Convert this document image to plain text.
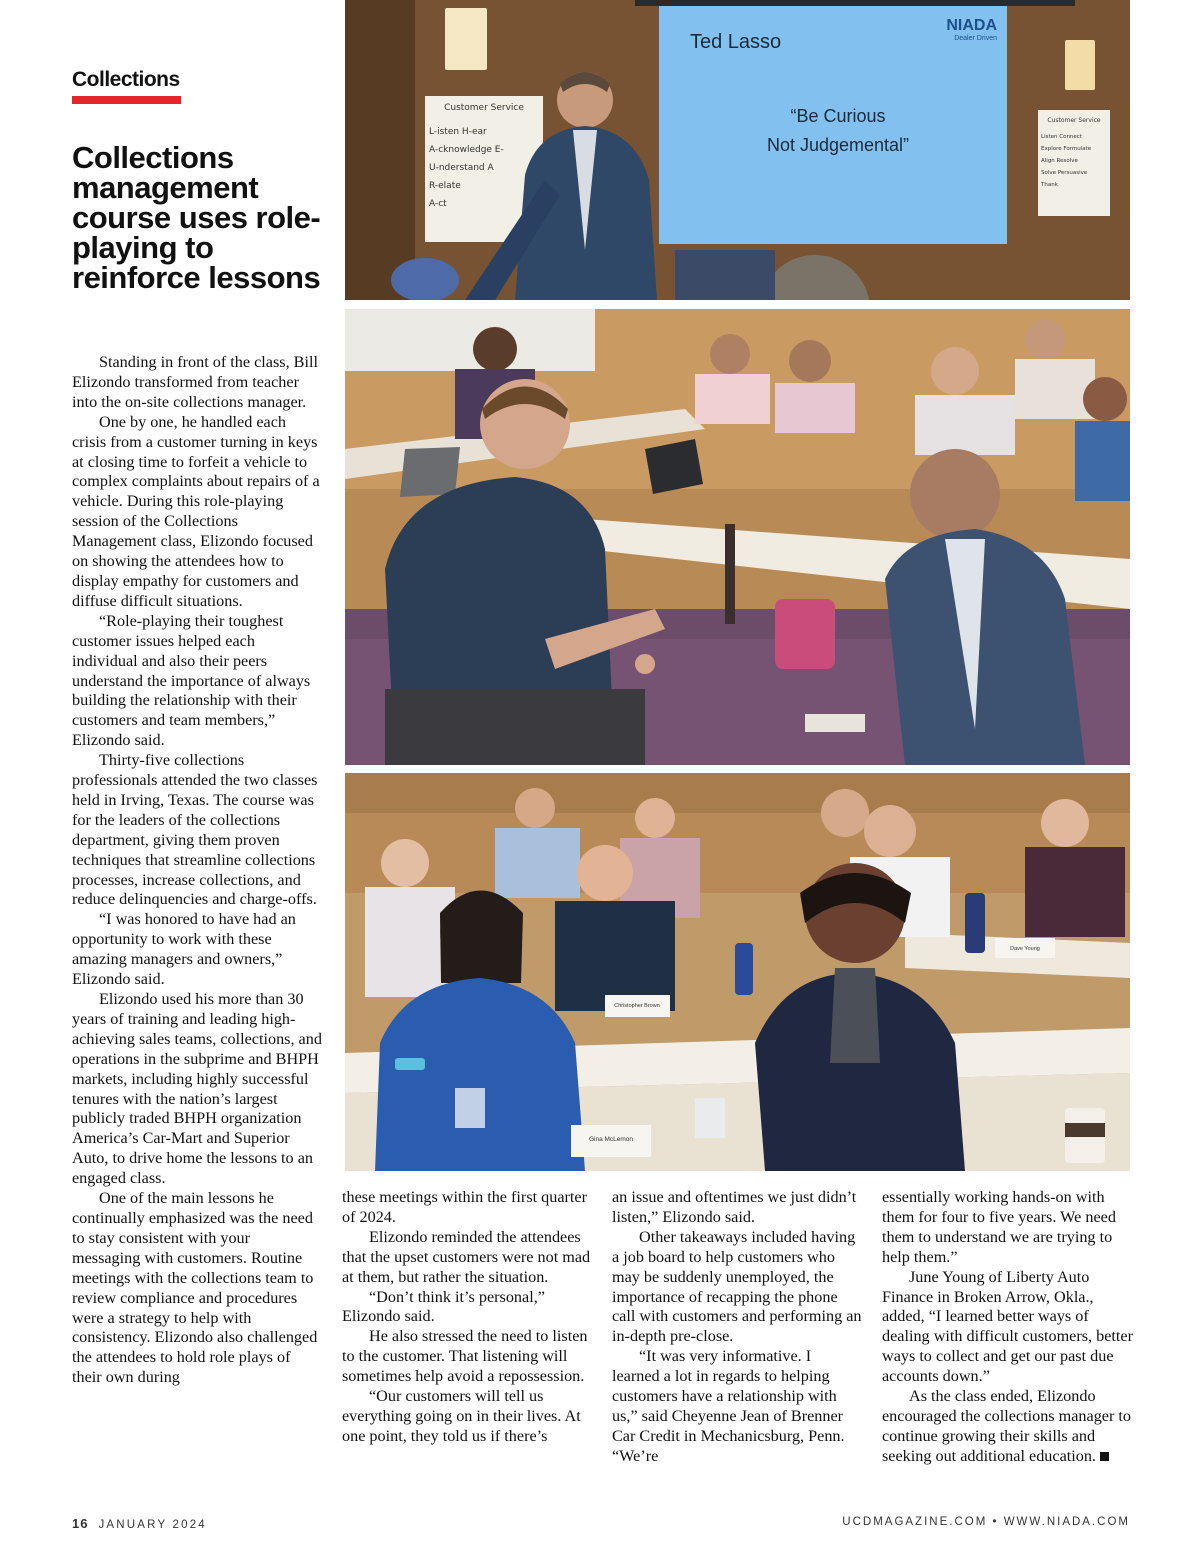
Collections
Collections management course uses role-playing to reinforce lessons

Standing in front of the class, Bill Elizondo transformed from teacher into the on-site collections manager.

One by one, he handled each crisis from a customer turning in keys at closing time to forfeit a vehicle to complex complaints about repairs of a vehicle. During this role-playing session of the Collections Management class, Elizondo focused on showing the attendees how to display empathy for customers and diffuse difficult situations.

“Role-playing their toughest customer issues helped each individual and also their peers understand the importance of always building the relationship with their customers and team members,” Elizondo said.

Thirty-five collections professionals attended the two classes held in Irving, Texas. The course was for the leaders of the collections department, giving them proven techniques that streamline collections processes, increase collections, and reduce delinquencies and charge-offs.

“I was honored to have had an opportunity to work with these amazing managers and owners,” Elizondo said.

Elizondo used his more than 30 years of training and leading high-achieving sales teams, collections, and operations in the subprime and BHPH markets, including highly successful tenures with the nation’s largest publicly traded BHPH organization America’s Car-Mart and Superior Auto, to drive home the lessons to an engaged class.

One of the main lessons he continually emphasized was the need to stay consistent with your messaging with customers. Routine meetings with the collections team to review compliance and procedures were a strategy to help with consistency. Elizondo also challenged the attendees to hold role plays of their own during

these meetings within the first quarter of 2024.

Elizondo reminded the attendees that the upset customers were not mad at them, but rather the situation.

“Don’t think it’s personal,” Elizondo said.

He also stressed the need to listen to the customer. That listening will sometimes help avoid a repossession.

“Our customers will tell us everything going on in their lives. At one point, they told us if there’s

an issue and oftentimes we just didn’t listen,” Elizondo said.

Other takeaways included having a job board to help customers who may be suddenly unemployed, the importance of recapping the phone call with customers and performing an in-depth pre-close.

“It was very informative. I learned a lot in regards to helping customers have a relationship with us,” said Cheyenne Jean of Brenner Car Credit in Mechanicsburg, Penn. “We’re

essentially working hands-on with them for four to five years. We need them to understand we are trying to help them.”

June Young of Liberty Auto Finance in Broken Arrow, Okla., added, “I learned better ways of dealing with difficult customers, better ways to collect and get our past due accounts down.”

As the class ended, Elizondo encouraged the collections manager to continue growing their skills and seeking out additional education.

Ted Lasso
NIADA
Dealer Driven
“Be Curious
Not Judgemental”
Customer Service
L-isten H-ear
A-cknowledge E-
U-nderstand A
R-elate
A-ct
Customer Service
Listen Connect
Explore Formulate
Align Resolve
Solve Persuasive
Thank
Gina McLemon
Christopher Brown
Dave Young
16 JANUARY 2024	UCDMAGAZINE.COM • WWW.NIADA.COM
